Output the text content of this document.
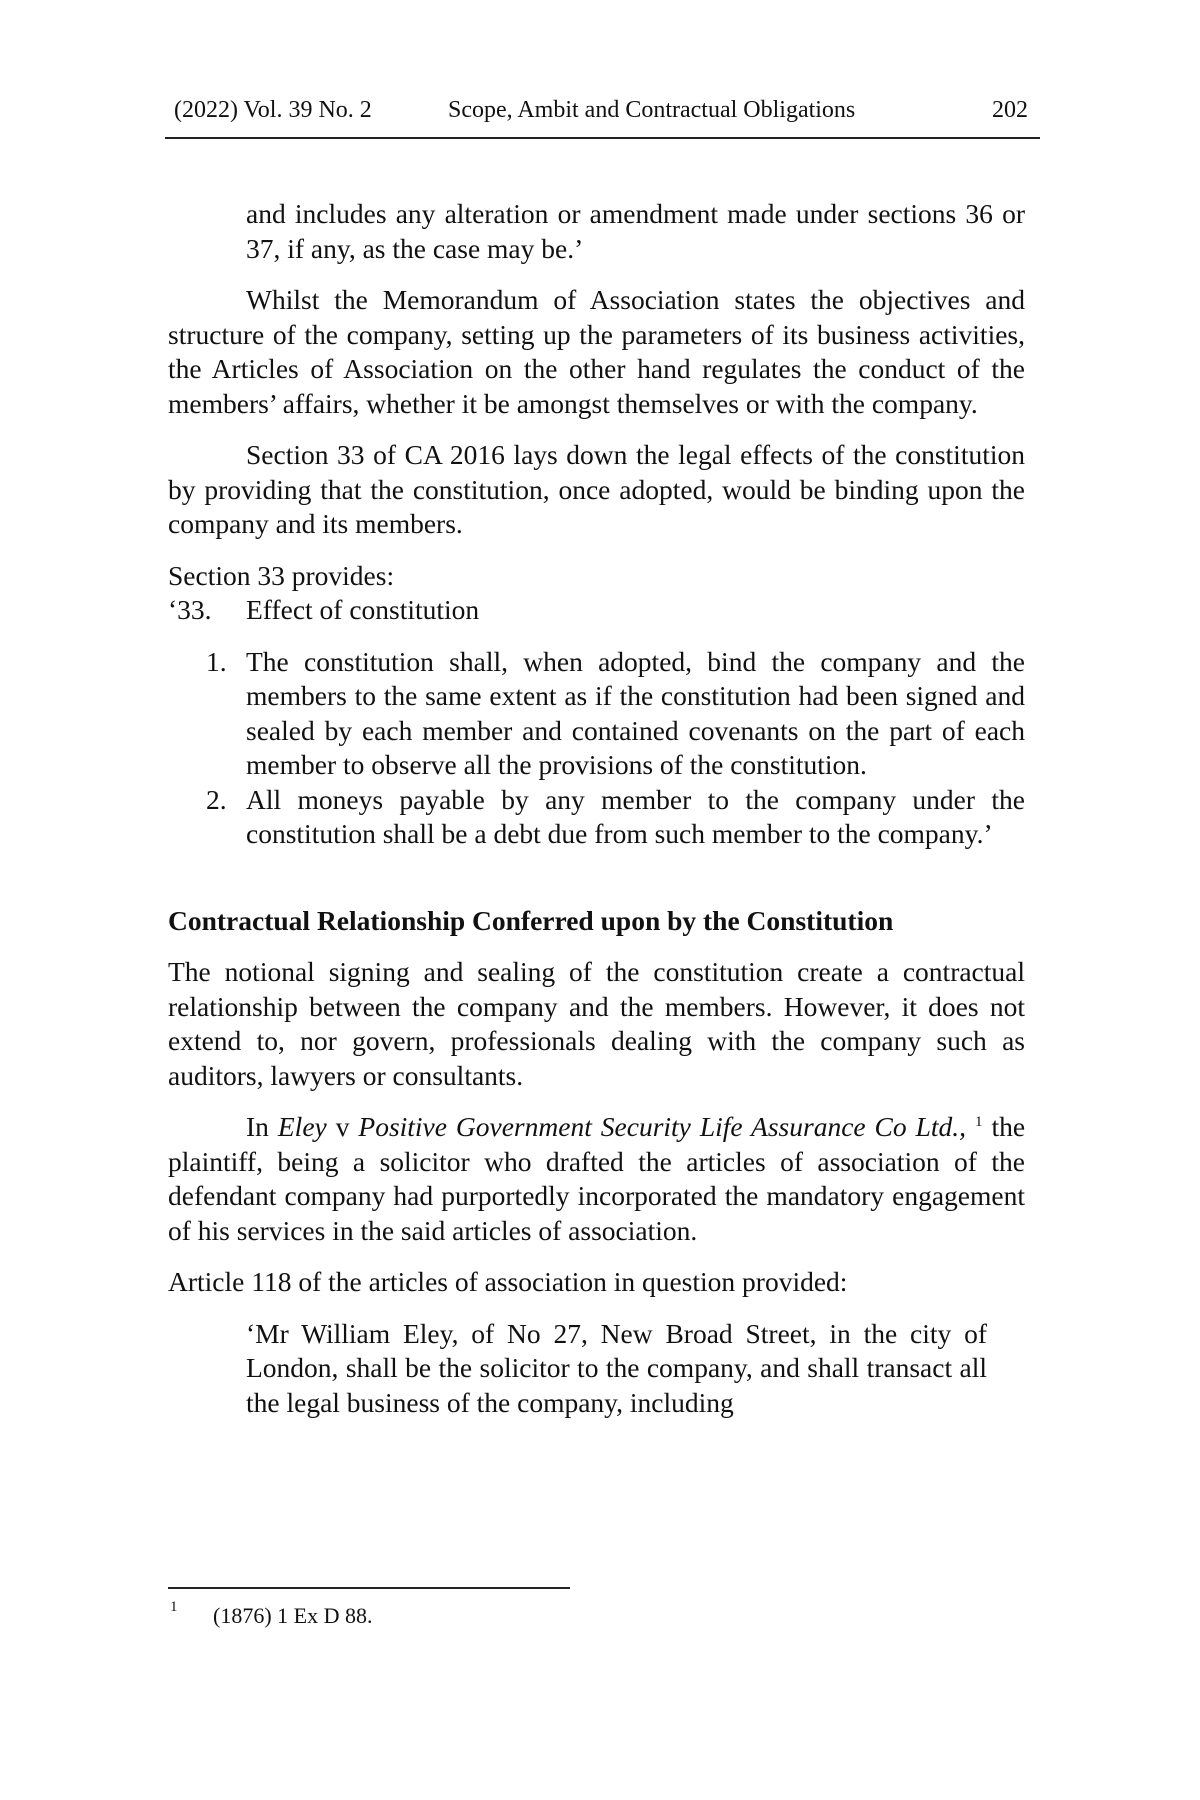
(2022) Vol. 39 No. 2	Scope, Ambit and Contractual Obligations	202

and includes any alteration or amendment made under sections 36 or 37, if any, as the case may be.’

Whilst the Memorandum of Association states the objectives and structure of the company, setting up the parameters of its business activities, the Articles of Association on the other hand regulates the conduct of the members’ affairs, whether it be amongst themselves or with the company.

Section 33 of CA 2016 lays down the legal effects of the constitution by providing that the constitution, once adopted, would be binding upon the company and its members.

Section 33 provides:

‘33. Effect of constitution

1. The constitution shall, when adopted, bind the company and the members to the same extent as if the constitution had been signed and sealed by each member and contained covenants on the part of each member to observe all the provisions of the constitution.

2. All moneys payable by any member to the company under the constitution shall be a debt due from such member to the company.’

Contractual Relationship Conferred upon by the Constitution

The notional signing and sealing of the constitution create a contractual relationship between the company and the members. However, it does not extend to, nor govern, professionals dealing with the company such as auditors, lawyers or consultants.

In Eley v Positive Government Security Life Assurance Co Ltd., $^1$ the plaintiff, being a solicitor who drafted the articles of association of the defendant company had purportedly incorporated the mandatory engagement of his services in the said articles of association.

Article 118 of the articles of association in question provided:

‘Mr William Eley, of No 27, New Broad Street, in the city of London, shall be the solicitor to the company, and shall transact all the legal business of the company, including

1 (1876) 1 Ex D 88.
